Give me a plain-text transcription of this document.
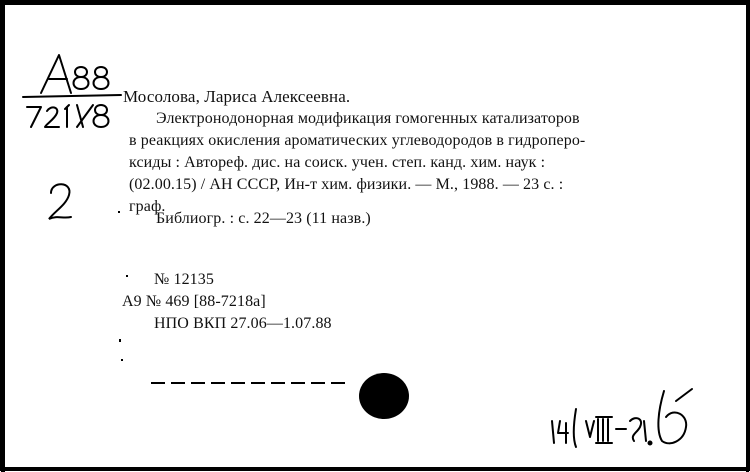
Мосолова, Лариса Алексеевна.
Электронодонорная модификация гомогенных катализаторов
в реакциях окисления ароматических углеводородов в гидроперо-
ксиды : Автореф. дис. на соиск. учен. степ. канд. хим. наук :
(02.00.15) / АН СССР, Ин-т хим. физики. — М., 1988. — 23 с. :
граф.
Библиогр. : с. 22—23 (11 назв.)
№ 12135
А9 № 469 [88-7218а]
НПО ВКП 27.06—1.07.88
